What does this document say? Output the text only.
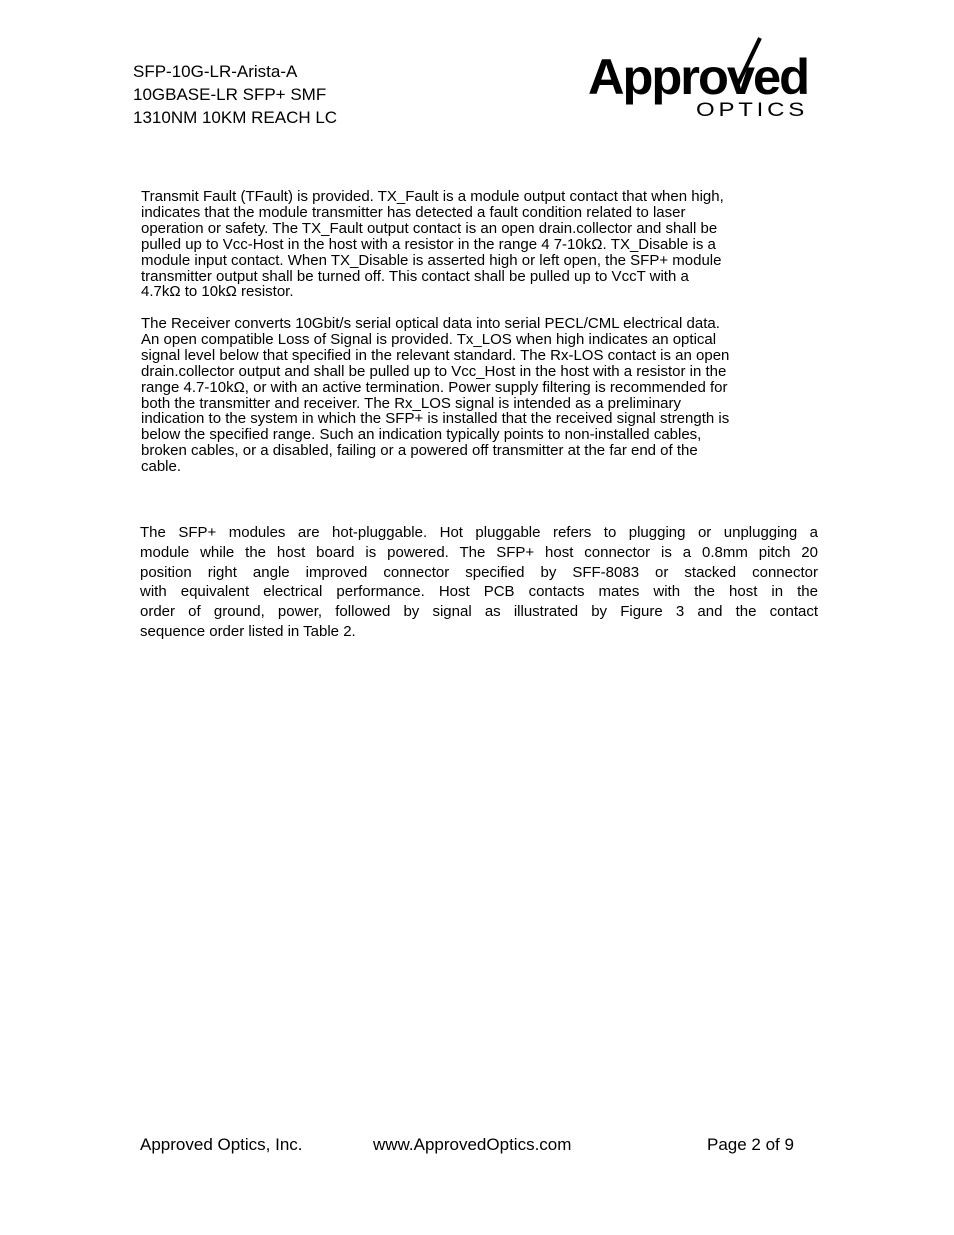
SFP-10G-LR-Arista-A
10GBASE-LR SFP+ SMF
1310NM 10KM REACH LC
Approved
OPTICS
Transmit Fault (TFault) is provided. TX_Fault is a module output contact that when high,
indicates that the module transmitter has detected a fault condition related to laser
operation or safety. The TX_Fault output contact is an open drain.collector and shall be
pulled up to Vcc-Host in the host with a resistor in the range 4 7-10kΩ. TX_Disable is a
module input contact. When TX_Disable is asserted high or left open, the SFP+ module
transmitter output shall be turned off. This contact shall be pulled up to VccT with a
4.7kΩ to 10kΩ resistor.
The Receiver converts 10Gbit/s serial optical data into serial PECL/CML electrical data.
An open compatible Loss of Signal is provided. Tx_LOS when high indicates an optical
signal level below that specified in the relevant standard. The Rx-LOS contact is an open
drain.collector output and shall be pulled up to Vcc_Host in the host with a resistor in the
range 4.7-10kΩ, or with an active termination. Power supply filtering is recommended for
both the transmitter and receiver. The Rx_LOS signal is intended as a preliminary
indication to the system in which the SFP+ is installed that the received signal strength is
below the specified range. Such an indication typically points to non-installed cables,
broken cables, or a disabled, failing or a powered off transmitter at the far end of the
cable.
The SFP+ modules are hot-pluggable. Hot pluggable refers to plugging or unplugging a
module while the host board is powered. The SFP+ host connector is a 0.8mm pitch 20
position right angle improved connector specified by SFF-8083 or stacked connector
with equivalent electrical performance. Host PCB contacts mates with the host in the
order of ground, power, followed by signal as illustrated by Figure 3 and the contact
sequence order listed in Table 2.
Approved Optics, Inc.	www.ApprovedOptics.com	Page 2 of 9
